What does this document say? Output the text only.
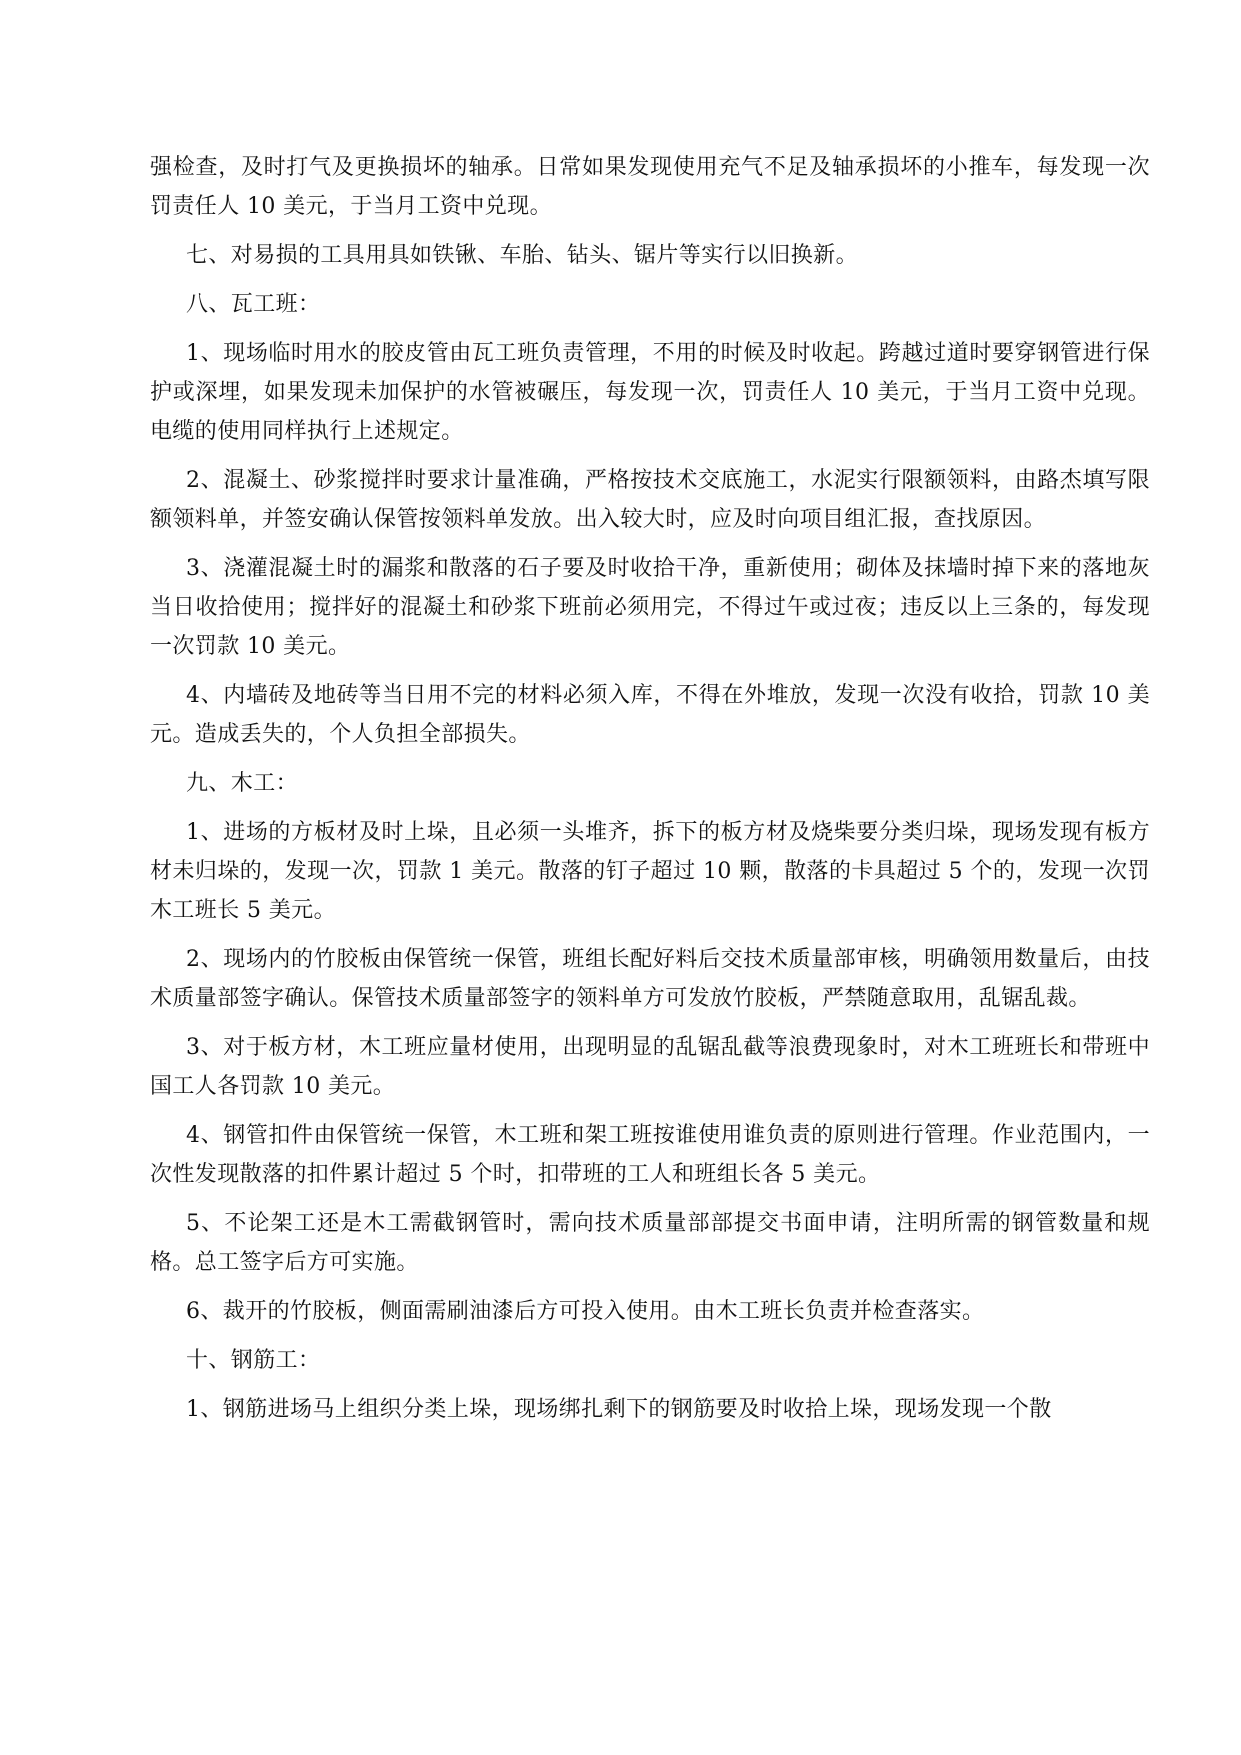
强检查，及时打气及更换损坏的轴承。日常如果发现使用充气不足及轴承损坏的小推车，每发现一次罚责任人 10 美元，于当月工资中兑现。

七、对易损的工具用具如铁锹、车胎、钻头、锯片等实行以旧换新。

八、瓦工班：

1、现场临时用水的胶皮管由瓦工班负责管理，不用的时候及时收起。跨越过道时要穿钢管进行保护或深埋，如果发现未加保护的水管被碾压，每发现一次，罚责任人 10 美元，于当月工资中兑现。电缆的使用同样执行上述规定。

2、混凝土、砂浆搅拌时要求计量准确，严格按技术交底施工，水泥实行限额领料，由路杰填写限额领料单，并签安确认保管按领料单发放。出入较大时，应及时向项目组汇报，查找原因。

3、浇灌混凝土时的漏浆和散落的石子要及时收拾干净，重新使用；砌体及抹墙时掉下来的落地灰当日收拾使用；搅拌好的混凝土和砂浆下班前必须用完，不得过午或过夜；违反以上三条的，每发现一次罚款 10 美元。

4、内墙砖及地砖等当日用不完的材料必须入库，不得在外堆放，发现一次没有收拾，罚款 10 美元。造成丢失的，个人负担全部损失。

九、木工：

1、进场的方板材及时上垛，且必须一头堆齐，拆下的板方材及烧柴要分类归垛，现场发现有板方材未归垛的，发现一次，罚款 1 美元。散落的钉子超过 10 颗，散落的卡具超过 5 个的，发现一次罚木工班长 5 美元。

2、现场内的竹胶板由保管统一保管，班组长配好料后交技术质量部审核，明确领用数量后，由技术质量部签字确认。保管技术质量部签字的领料单方可发放竹胶板，严禁随意取用，乱锯乱裁。

3、对于板方材，木工班应量材使用，出现明显的乱锯乱截等浪费现象时，对木工班班长和带班中国工人各罚款 10 美元。

4、钢管扣件由保管统一保管，木工班和架工班按谁使用谁负责的原则进行管理。作业范围内，一次性发现散落的扣件累计超过 5 个时，扣带班的工人和班组长各 5 美元。

5、不论架工还是木工需截钢管时，需向技术质量部部提交书面申请，注明所需的钢管数量和规格。总工签字后方可实施。

6、裁开的竹胶板，侧面需刷油漆后方可投入使用。由木工班长负责并检查落实。

十、钢筋工：

1、钢筋进场马上组织分类上垛，现场绑扎剩下的钢筋要及时收拾上垛，现场发现一个散
